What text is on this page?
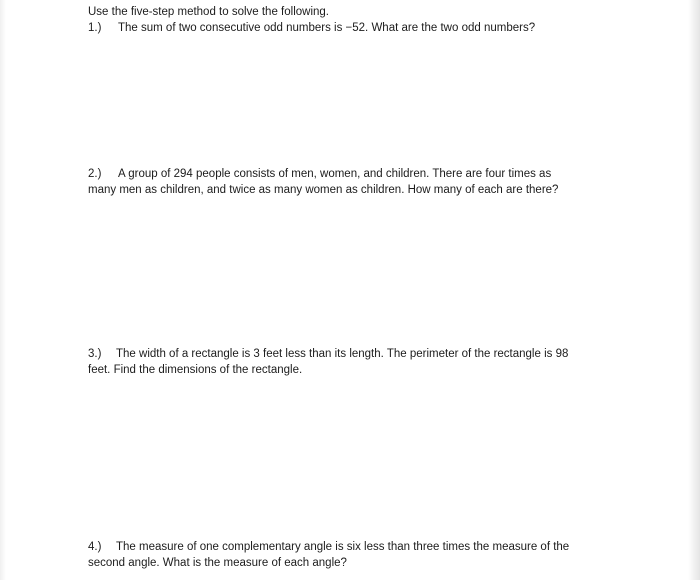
Use the five-step method to solve the following.
1.) The sum of two consecutive odd numbers is −52. What are the two odd numbers?
2.) A group of 294 people consists of men, women, and children. There are four times as
many men as children, and twice as many women as children. How many of each are there?
3.) The width of a rectangle is 3 feet less than its length. The perimeter of the rectangle is 98
feet. Find the dimensions of the rectangle.
4.) The measure of one complementary angle is six less than three times the measure of the
second angle. What is the measure of each angle?
